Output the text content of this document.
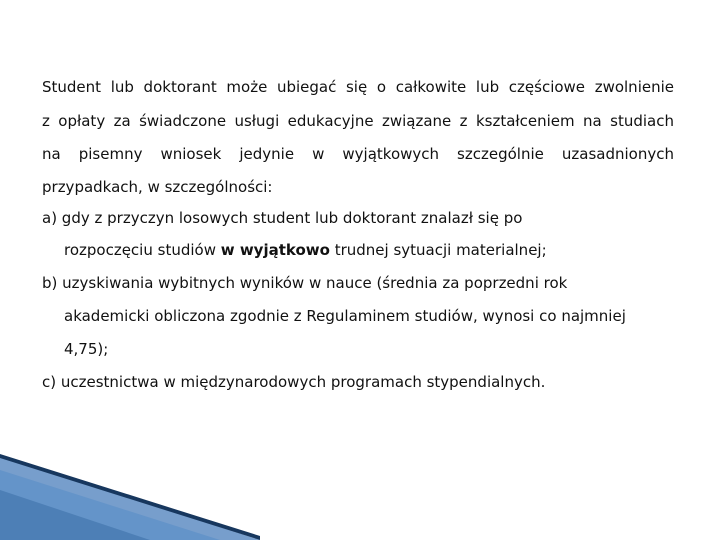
Student lub doktorant może ubiegać się o całkowite lub częściowe zwolnienie
z opłaty za świadczone usługi edukacyjne związane z kształceniem na studiach
na pisemny wniosek jedynie w wyjątkowych szczególnie uzasadnionych
przypadkach, w szczególności:
a) gdy z przyczyn losowych student lub doktorant znalazł się po
rozpoczęciu studiów w wyjątkowo trudnej sytuacji materialnej;
b) uzyskiwania wybitnych wyników w nauce (średnia za poprzedni rok
akademicki obliczona zgodnie z Regulaminem studiów, wynosi co najmniej
4,75);
c) uczestnictwa w międzynarodowych programach stypendialnych.
